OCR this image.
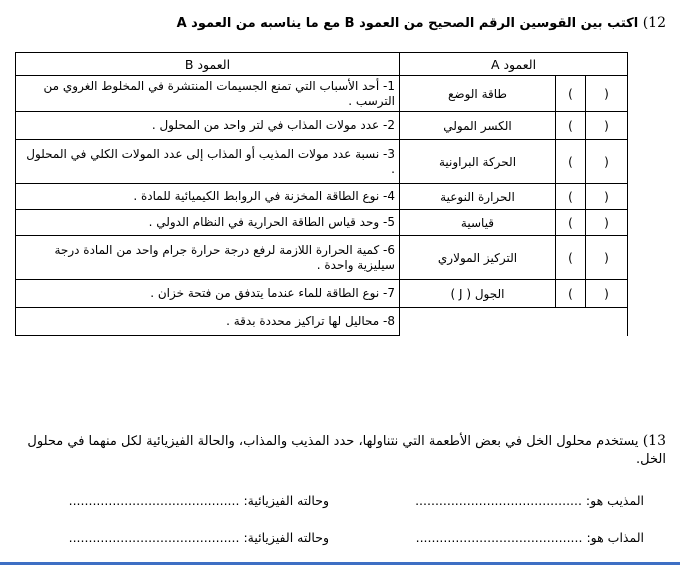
12) اكتب بين القوسين الرقم الصحيح من العمود B مع ما يناسبه من العمود A
العمود A			العمود B
(	)	طاقة الوضع	1- أحد الأسباب التي تمنع الجسيمات المنتشرة في المخلوط الغروي من الترسب .
(	)	الكسر المولي	2- عدد مولات المذاب في لتر واحد من المحلول .
(	)	الحركة البراونية	3- نسبة عدد مولات المذيب أو المذاب إلى عدد المولات الكلي في المحلول .
(	)	الحرارة النوعية	4- نوع الطاقة المخزنة في الروابط الكيميائية للمادة .
(	)	قياسية	5- وحد قياس الطاقة الحرارية في النظام الدولي .
(	)	التركيز المولاري	6- كمية الحرارة اللازمة لرفع درجة حرارة جرام واحد من المادة درجة سيليزية واحدة .
(	)	الجول ( J )	7- نوع الطاقة للماء عندما يتدفق من فتحة خزان .
			8- محاليل لها تراكيز محددة بدقة .
13) يستخدم محلول الخل في بعض الأطعمة التي نتناولها، حدد المذيب والمذاب، والحالة الفيزيائية لكل منهما في محلول الخل.
المذيب هو: ..........................................
وحالته الفيزيائية: ...........................................
المذاب هو: ..........................................
وحالته الفيزيائية: ...........................................
